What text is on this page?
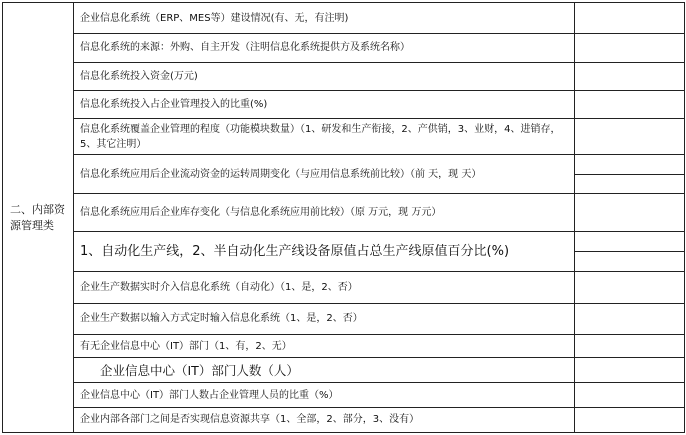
二、内部资源管理类	企业信息化系统（ERP、MES等）建设情况(有、无，有注明)	
	信息化系统的来源：外购、自主开发（注明信息化系统提供方及系统名称）	
	信息化系统投入资金(万元)	
	信息化系统投入占企业管理投入的比重(%)	
	信息化系统覆盖企业管理的程度（功能模块数量）（1、研发和生产衔接，2、产供销，3、业财，4、进销存，5、其它注明）	
	信息化系统应用后企业流动资金的运转周期变化（与应用信息系统前比较）（前 天，现 天）	

	信息化系统应用后企业库存变化（与信息化系统应用前比较）（原 万元，现 万元）	
	1、自动化生产线，2、半自动化生产线设备原值占总生产线原值百分比(%)	

	企业生产数据实时介入信息化系统（自动化）（1、是，2、否）	
	企业生产数据以输入方式定时输入信息化系统（1、是，2、否）	
	有无企业信息中心（IT）部门（1、有，2、无）	
	企业信息中心（IT）部门人数（人）	
	企业信息中心（IT）部门人数占企业管理人员的比重（%）	
	企业内部各部门之间是否实现信息资源共享（1、全部，2、部分，3、没有）	
